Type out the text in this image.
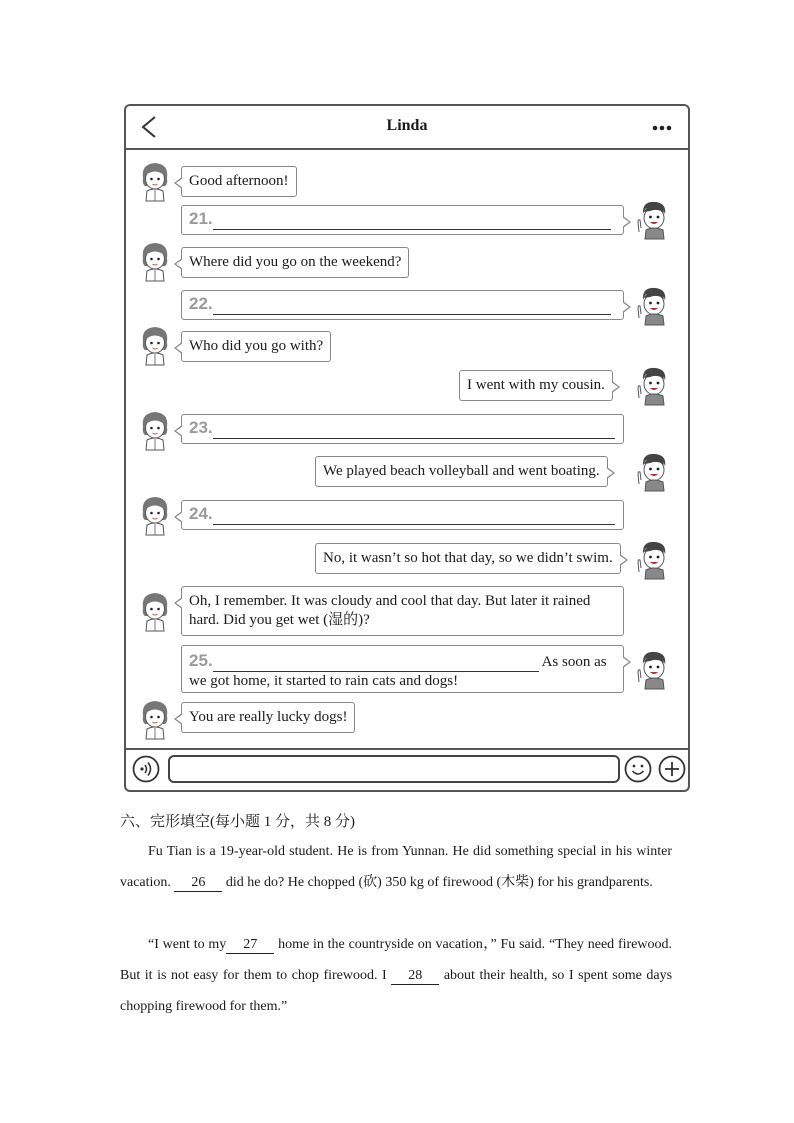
Linda
Good afternoon!
21.
Where did you go on the weekend?
22.
Who did you go with?
I went with my cousin.
23.
We played beach volleyball and went boating.
24.
No, it wasn’t so hot that day, so we didn’t swim.
Oh, I remember. It was cloudy and cool that day. But later it rained hard. Did you get wet (湿的)?
25.	As soon as
we got home, it started to rain cats and dogs!
You are really lucky dogs!
六、完形填空(每小题 1 分，共 8 分)
Fu Tian is a 19-year-old student. He is from Yunnan. He did something special in his winter vacation. 26 did he do? He chopped (砍) 350 kg of firewood (木柴) for his grandparents.
“I went to my 27 home in the countryside on vacation，” Fu said. “They need firewood. But it is not easy for them to chop firewood. I 28 about their health, so I spent some days chopping firewood for them.”
